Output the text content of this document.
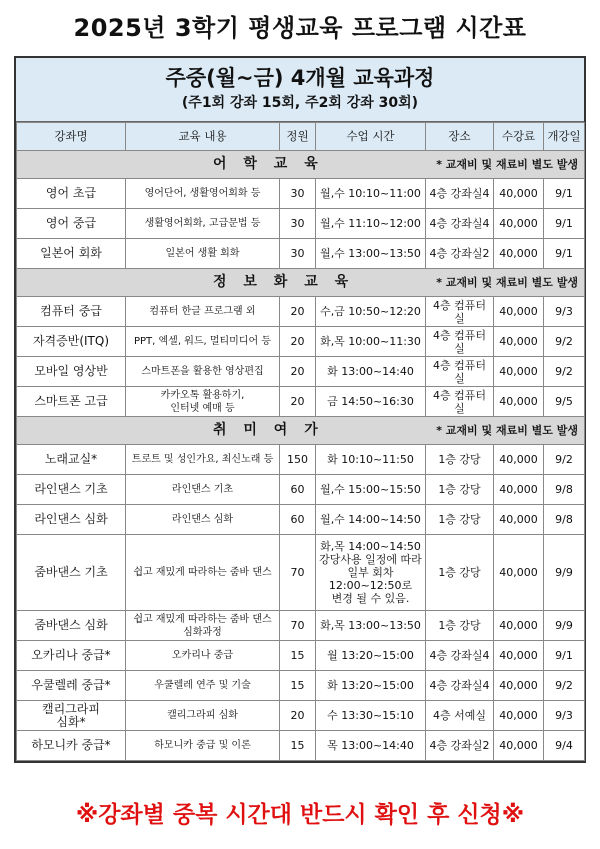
2025년 3학기 평생교육 프로그램 시간표
주중(월~금) 4개월 교육과정
(주1회 강좌 15회, 주2회 강좌 30회)
강좌명	교육 내용	정원	수업 시간	장소	수강료	개강일

어 학 교 육 * 교재비 및 재료비 별도 발생						

영어 초급	영어단어, 생활영어회화 등	30	월,수 10:10~11:00	4층 강좌실4	40,000	9/1
영어 중급	생활영어회화, 고급문법 등	30	월,수 11:10~12:00	4층 강좌실4	40,000	9/1
일본어 회화	일본어 생활 회화	30	월,수 13:00~13:50	4층 강좌실2	40,000	9/1

정 보 화 교 육 * 교재비 및 재료비 별도 발생						

컴퓨터 중급	컴퓨터 한글 프로그램 외	20	수,금 10:50~12:20	4층 컴퓨터실	40,000	9/3
자격증반(ITQ)	PPT, 엑셀, 워드, 멀티미디어 등	20	화,목 10:00~11:30	4층 컴퓨터실	40,000	9/2
모바일 영상반	스마트폰을 활용한 영상편집	20	화 13:00~14:40	4층 컴퓨터실	40,000	9/2
스마트폰 고급	카카오톡 활용하기,
인터넷 예매 등	20	금 14:50~16:30	4층 컴퓨터실	40,000	9/5

취 미 여 가 * 교재비 및 재료비 별도 발생						

노래교실*	트로트 및 성인가요, 최신노래 등	150	화 10:10~11:50	1층 강당	40,000	9/2
라인댄스 기초	라인댄스 기초	60	월,수 15:00~15:50	1층 강당	40,000	9/8
라인댄스 심화	라인댄스 심화	60	월,수 14:00~14:50	1층 강당	40,000	9/8
줌바댄스 기초	쉽고 재밌게 따라하는 줌바 댄스	70	화,목 14:00~14:50
강당사용 일정에 따라
일부 회차
12:00~12:50로
변경 될 수 있음.	1층 강당	40,000	9/9
줌바댄스 심화	쉽고 재밌게 따라하는 줌바 댄스
심화과정	70	화,목 13:00~13:50	1층 강당	40,000	9/9
오카리나 중급*	오카리나 중급	15	월 13:20~15:00	4층 강좌실4	40,000	9/1
우쿨렐레 중급*	우쿨렐레 연주 및 기술	15	화 13:20~15:00	4층 강좌실4	40,000	9/2
캘리그라피
심화*	캘리그라피 심화	20	수 13:30~15:10	4층 서예실	40,000	9/3
하모니카 중급*	하모니카 중급 및 이론	15	목 13:00~14:40	4층 강좌실2	40,000	9/4
※강좌별 중복 시간대 반드시 확인 후 신청※
